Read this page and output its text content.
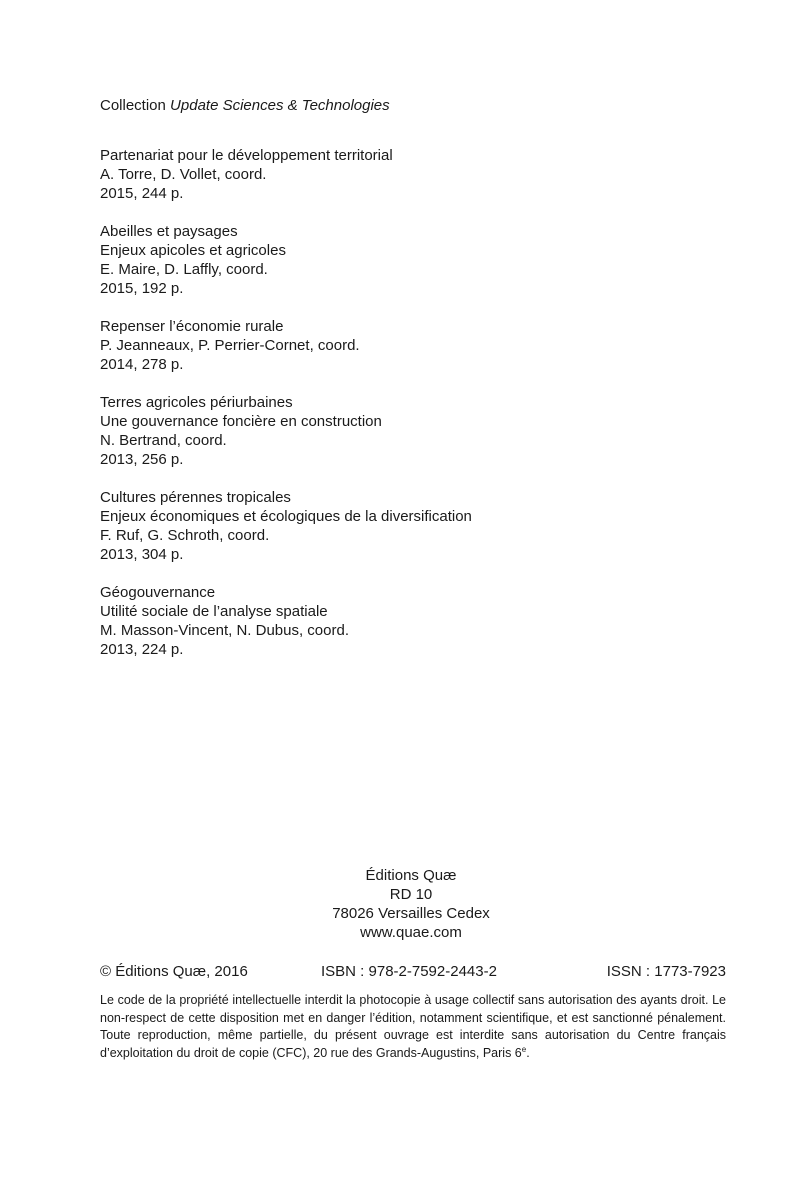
Collection Update Sciences & Technologies
Partenariat pour le développement territorial
A. Torre, D. Vollet, coord.
2015, 244 p.
Abeilles et paysages
Enjeux apicoles et agricoles
E. Maire, D. Laffly, coord.
2015, 192 p.
Repenser l’économie rurale
P. Jeanneaux, P. Perrier-Cornet, coord.
2014, 278 p.
Terres agricoles périurbaines
Une gouvernance foncière en construction
N. Bertrand, coord.
2013, 256 p.
Cultures pérennes tropicales
Enjeux économiques et écologiques de la diversification
F. Ruf, G. Schroth, coord.
2013, 304 p.
Géogouvernance
Utilité sociale de l’analyse spatiale
M. Masson-Vincent, N. Dubus, coord.
2013, 224 p.
Éditions Quæ
RD 10
78026 Versailles Cedex
www.quae.com
© Éditions Quæ, 2016	ISBN : 978-2-7592-2443-2	ISSN : 1773-7923
Le code de la propriété intellectuelle interdit la photocopie à usage collectif sans autorisation des ayants droit. Le non-respect de cette disposition met en danger l’édition, notamment scientifique, et est sanctionné pénalement. Toute reproduction, même partielle, du présent ouvrage est interdite sans autorisation du Centre français d’exploitation du droit de copie (CFC), 20 rue des Grands-Augustins, Paris 6e.
